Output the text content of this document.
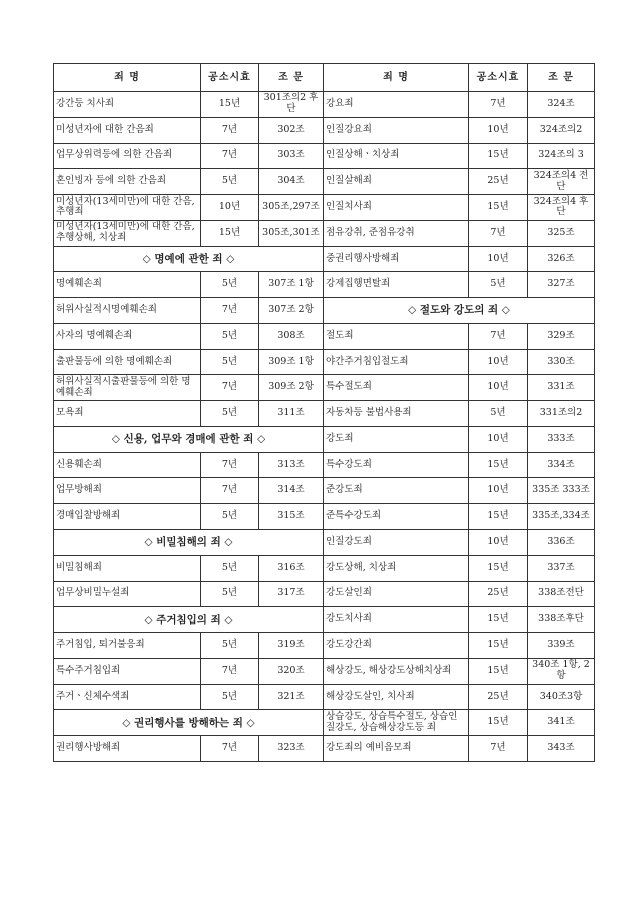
죄 명	공소시효	조 문	죄 명	공소시효	조 문
강간등 치사죄	15년	301조의2 후단	강요죄	7년	324조
미성년자에 대한 간음죄	7년	302조	인질강요죄	10년	324조의2
업무상위력등에 의한 간음죄	7년	303조	인질상해ㆍ치상죄	15년	324조의 3
혼인빙자 등에 의한 간음죄	5년	304조	인질살해죄	25년	324조의4 전단
미성년자(13세미만)에 대한 간음, 추행죄	10년	305조,297조	인질치사죄	15년	324조의4 후단
미성년자(13세미만)에 대한 간음, 추행상해, 치상죄	15년	305조,301조	점유강취, 준점유강취	7년	325조
◇ 명예에 관한 죄 ◇			중권리행사방해죄	10년	326조
명예훼손죄	5년	307조 1항	강제집행면탈죄	5년	327조
허위사실적시명예훼손죄	7년	307조 2항	◇ 절도와 강도의 죄 ◇		
사자의 명예훼손죄	5년	308조	절도죄	7년	329조
출판물등에 의한 명예훼손죄	5년	309조 1항	야간주거침입절도죄	10년	330조
허위사실적시출판물등에 의한 명예훼손죄	7년	309조 2항	특수절도죄	10년	331조
모욕죄	5년	311조	자동차등 불법사용죄	5년	331조의2
◇ 신용, 업무와 경매에 관한 죄 ◇			강도죄	10년	333조
신용훼손죄	7년	313조	특수강도죄	15년	334조
업무방해죄	7년	314조	준강도죄	10년	335조 333조
경매입찰방해죄	5년	315조	준특수강도죄	15년	335조,334조
◇ 비밀침해의 죄 ◇			인질강도죄	10년	336조
비밀침해죄	5년	316조	강도상해, 치상죄	15년	337조
업무상비밀누설죄	5년	317조	강도살인죄	25년	338조전단
◇ 주거침입의 죄 ◇			강도치사죄	15년	338조후단
주거침입, 퇴거불응죄	5년	319조	강도강간죄	15년	339조
특수주거침입죄	7년	320조	해상강도, 해상강도상해치상죄	15년	340조 1항, 2항
주거ㆍ신체수색죄	5년	321조	해상강도살인, 치사죄	25년	340조3항
◇ 권리행사를 방해하는 죄 ◇			상습강도, 상습특수절도, 상습인질강도, 상습해상강도등 죄	15년	341조
권리행사방해죄	7년	323조	강도죄의 예비음모죄	7년	343조
